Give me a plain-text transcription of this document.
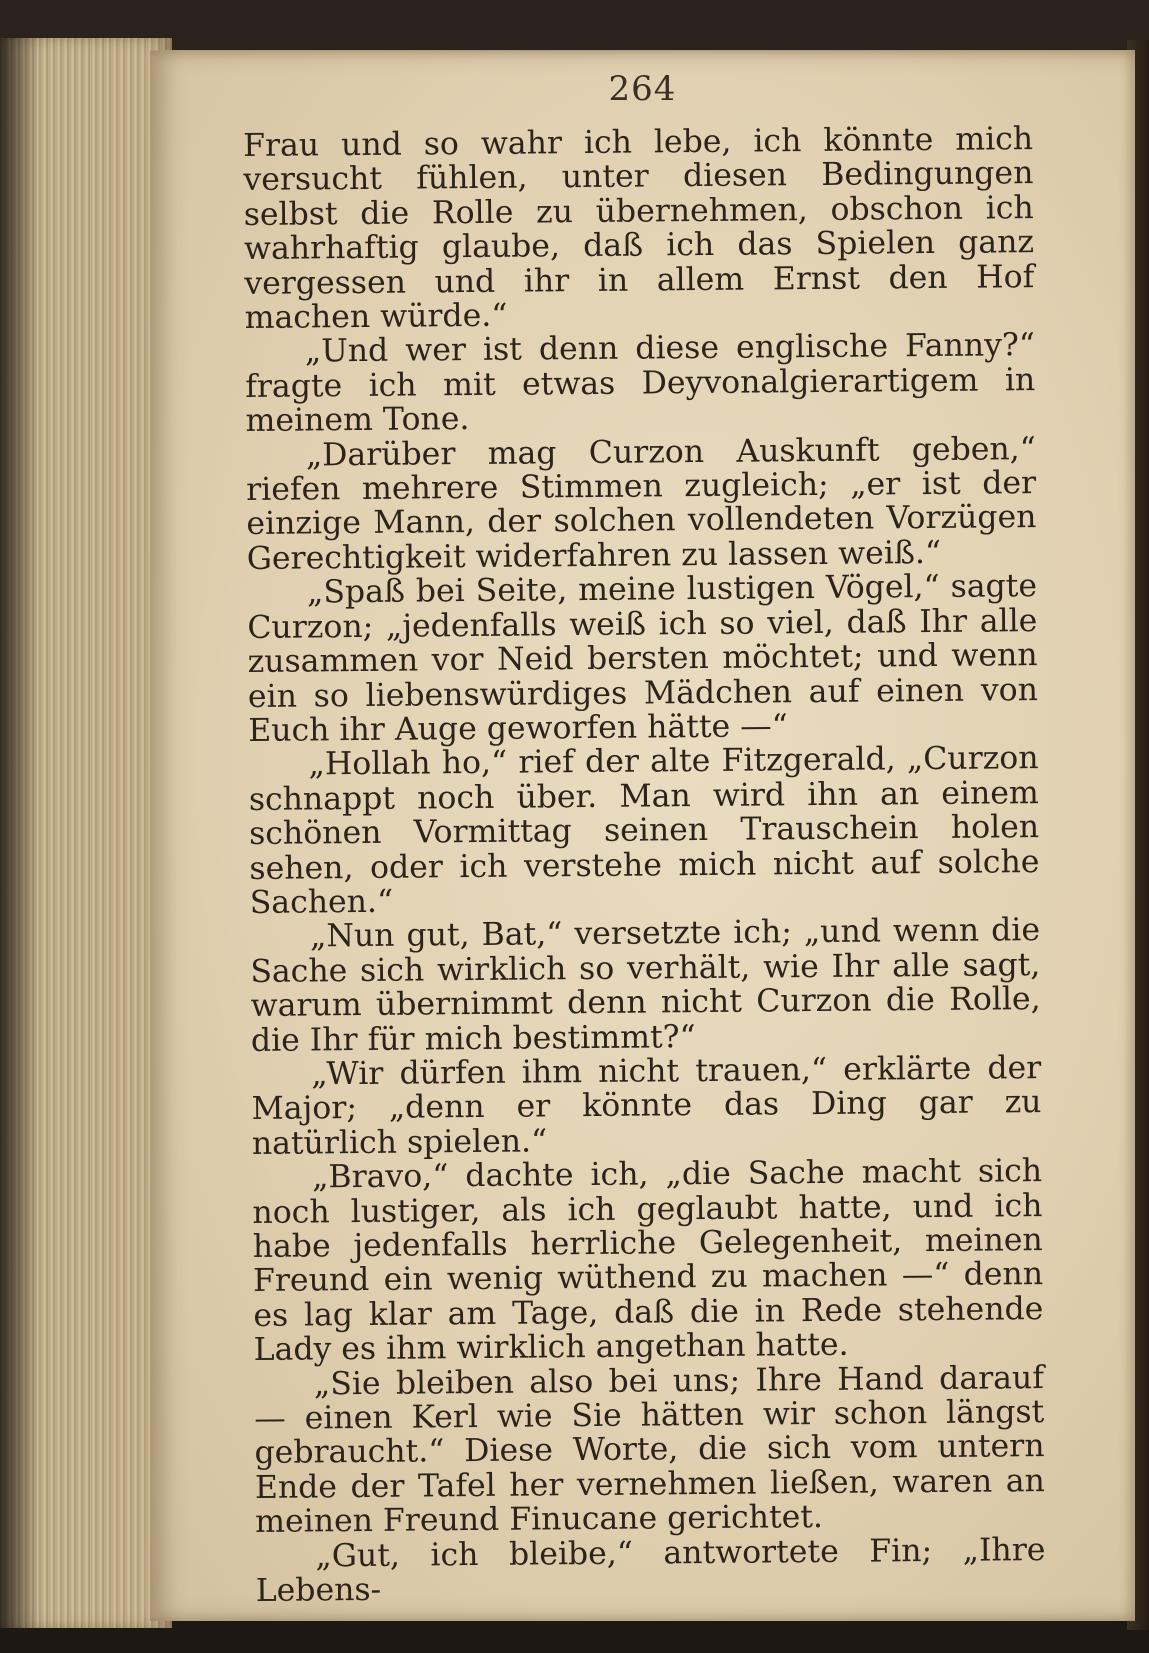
264

Frau und so wahr ich lebe, ich könnte mich versucht fühlen, unter diesen Bedingungen selbst die Rolle zu übernehmen, obschon ich wahrhaftig glaube, daß ich das Spielen ganz vergessen und ihr in allem Ernst den Hof machen würde.“

„Und wer ist denn diese englische Fanny?“ fragte ich mit etwas Deyvonalgierartigem in meinem Tone.

„Darüber mag Curzon Auskunft geben,“ riefen mehrere Stimmen zugleich; „er ist der einzige Mann, der solchen vollendeten Vorzügen Gerechtigkeit widerfahren zu lassen weiß.“

„Spaß bei Seite, meine lustigen Vögel,“ sagte Curzon; „jedenfalls weiß ich so viel, daß Ihr alle zusammen vor Neid bersten möchtet; und wenn ein so liebenswürdiges Mädchen auf einen von Euch ihr Auge geworfen hätte —“

„Hollah ho,“ rief der alte Fitzgerald, „Curzon schnappt noch über. Man wird ihn an einem schönen Vormittag seinen Trauschein holen sehen, oder ich verstehe mich nicht auf solche Sachen.“

„Nun gut, Bat,“ versetzte ich; „und wenn die Sache sich wirklich so verhält, wie Ihr alle sagt, warum übernimmt denn nicht Curzon die Rolle, die Ihr für mich bestimmt?“

„Wir dürfen ihm nicht trauen,“ erklärte der Major; „denn er könnte das Ding gar zu natürlich spielen.“

„Bravo,“ dachte ich, „die Sache macht sich noch lustiger, als ich geglaubt hatte, und ich habe jedenfalls herrliche Gelegenheit, meinen Freund ein wenig wüthend zu machen —“ denn es lag klar am Tage, daß die in Rede stehende Lady es ihm wirklich angethan hatte.

„Sie bleiben also bei uns; Ihre Hand darauf — einen Kerl wie Sie hätten wir schon längst gebraucht.“ Diese Worte, die sich vom untern Ende der Tafel her vernehmen ließen, waren an meinen Freund Finucane gerichtet.

„Gut, ich bleibe,“ antwortete Fin; „Ihre Lebens-
